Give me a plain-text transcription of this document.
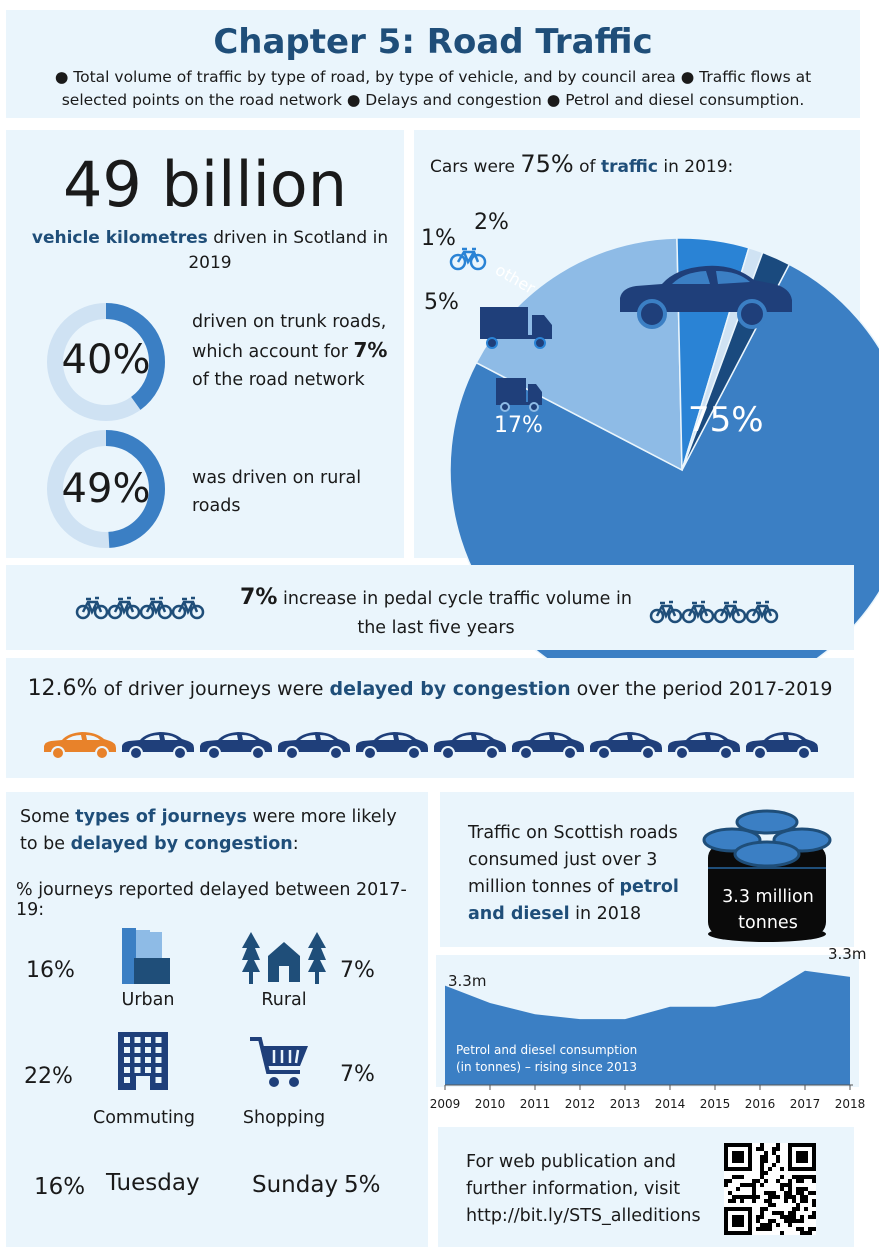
Chapter 5: Road Traffic
● Total volume of traffic by type of road, by type of vehicle, and by council area ● Traffic flows at selected points on the road network ● Delays and congestion ● Petrol and diesel consumption.
49 billion
vehicle kilometres driven in Scotland in 2019
40%
driven on trunk roads, which account for 7% of the road network
49%	was driven on rural roads
Cars were 75% of traffic in 2019:
other
75%
17%
5%
1%
2%
7% increase in pedal cycle traffic volume in the last five years
12.6% of driver journeys were delayed by congestion over the period 2017-2019
Some types of journeys were more likely to be delayed by congestion:
% journeys reported delayed between 2017-19:
16%
Urban
7%
Rural
22%
Commuting
7%
Shopping
16% Tuesday Sunday 5%
Traffic on Scottish roads consumed just over 3 million tonnes of petrol and diesel in 2018
3.3 million
tonnes
2009 2010 2011 2012 2013 2014 2015 2016 2017 2018
3.3m
3.3m
Petrol and diesel consumption
(in tonnes) – rising since 2013
For web publication and
further information, visit
http://bit.ly/STS_alleditions
